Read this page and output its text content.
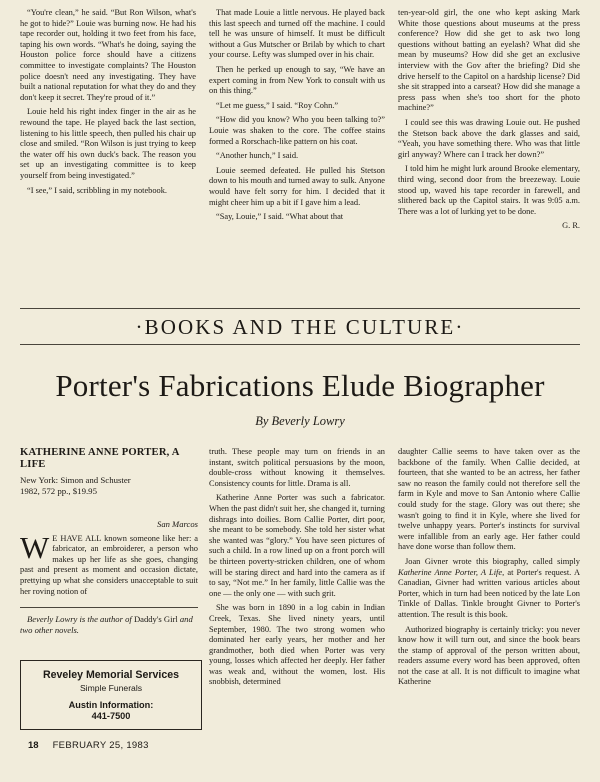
“You're clean,” he said. “But Ron Wilson, what's he got to hide?” Louie was burning now. He had his tape recorder out, holding it two feet from his face, taping his own words. “What's he doing, saying the Houston police force should have a citizens committee to investigate complaints? The Houston police doesn't need any investigating. They have built a national reputation for what they do and they don't keep it secret. They're proud of it.”

Louie held his right index finger in the air as he rewound the tape. He played back the last section, listening to his little speech, then pulled his chair up close and smiled. “Ron Wilson is just trying to keep the water off his own duck's back. The reason you set up an investigating committee is to keep yourself from being investigated.”

“I see,” I said, scribbling in my notebook.

That made Louie a little nervous. He played back this last speech and turned off the machine. I could tell he was unsure of himself. It must be difficult without a Gus Mutscher or Brilab by which to chart your course. Lefty was slumped over in his chair.

Then he perked up enough to say, “We have an expert coming in from New York to consult with us on this thing.”

“Let me guess,” I said. “Roy Cohn.”

“How did you know? Who you been talking to?” Louie was shaken to the core. The coffee stains formed a Rorschach-like pattern on his coat.

“Another hunch,” I said.

Louie seemed defeated. He pulled his Stetson down to his mouth and turned away to sulk. Anyone would have felt sorry for him. I decided that it might cheer him up a bit if I gave him a lead.

“Say, Louie,” I said. “What about that

ten-year-old girl, the one who kept asking Mark White those questions about museums at the press conference? How did she get to ask two long questions without batting an eyelash? What did she mean by museums? How did she get an exclusive interview with the Gov after the briefing? Did she drive herself to the Capitol on a hardship license? Did she sit strapped into a carseat? How did she manage a press pass when she's too short for the photo machine?”

I could see this was drawing Louie out. He pushed the Stetson back above the dark glasses and said, “Yeah, you have something there. Who was that little girl anyway? Where can I track her down?”

I told him he might lurk around Brooke elementary, third wing, second door from the breezeway. Louie stood up, waved his tape recorder in farewell, and slithered back up the Capitol stairs. It was 9:05 a.m. There was a lot of lurking yet to be done.

G. R.
·BOOKS AND THE CULTURE·
Porter's Fabrications Elude Biographer
By Beverly Lowry
KATHERINE ANNE PORTER, A LIFE
New York: Simon and Schuster
1982, 572 pp., $19.95
San Marcos

W E HAVE ALL known someone like her: a fabricator, an embroiderer, a person who makes up her life as she goes, changing past and present as moment and occasion dictate, prettying up what she considers unacceptable to suit her roving notion of

Beverly Lowry is the author of Daddy's Girl and two other novels.

Reveley Memorial Services
Simple Funerals
Austin Information:
441-7500

truth. These people may turn on friends in an instant, switch political persuasions by the moon, double-cross without knowing it themselves. Consistency counts for little. Drama is all.

Katherine Anne Porter was such a fabricator. When the past didn't suit her, she changed it, turning dishrags into doilies. Born Callie Porter, dirt poor, she meant to be somebody. She told her sister what she wanted was “glory.” You have seen pictures of such a child. In a row lined up on a front porch will be thirteen poverty-stricken children, one of whom will be staring direct and hard into the camera as if to say, “Not me.” In her family, little Callie was the one — the only one — with such grit.

She was born in 1890 in a log cabin in Indian Creek, Texas. She lived ninety years, until September, 1980. The two strong women who dominated her early years, her mother and her grandmother, both died when Porter was very young, losses which affected her deeply. Her father was weak and, without the women, lost. His snobbish, determined

daughter Callie seems to have taken over as the backbone of the family. When Callie decided, at fourteen, that she wanted to be an actress, her father saw no reason the family could not therefore sell the farm in Kyle and move to San Antonio where Callie could study for the stage. Glory was out there; she wasn't going to find it in Kyle, where she lived for twelve unhappy years. Porter's instincts for survival were infallible from an early age. Her father could have done worse than follow them.

Joan Givner wrote this biography, called simply Katherine Anne Porter, A Life, at Porter's request. A Canadian, Givner had written various articles about Porter, which in turn had been noticed by the late Lon Tinkle of Dallas. Tinkle brought Givner to Porter's attention. The result is this book.

Authorized biography is certainly tricky: you never know how it will turn out, and since the book bears the stamp of approval of the person written about, readers assume every word has been approved, often not the case at all. It is not difficult to imagine what Katherine

18 FEBRUARY 25, 1983
